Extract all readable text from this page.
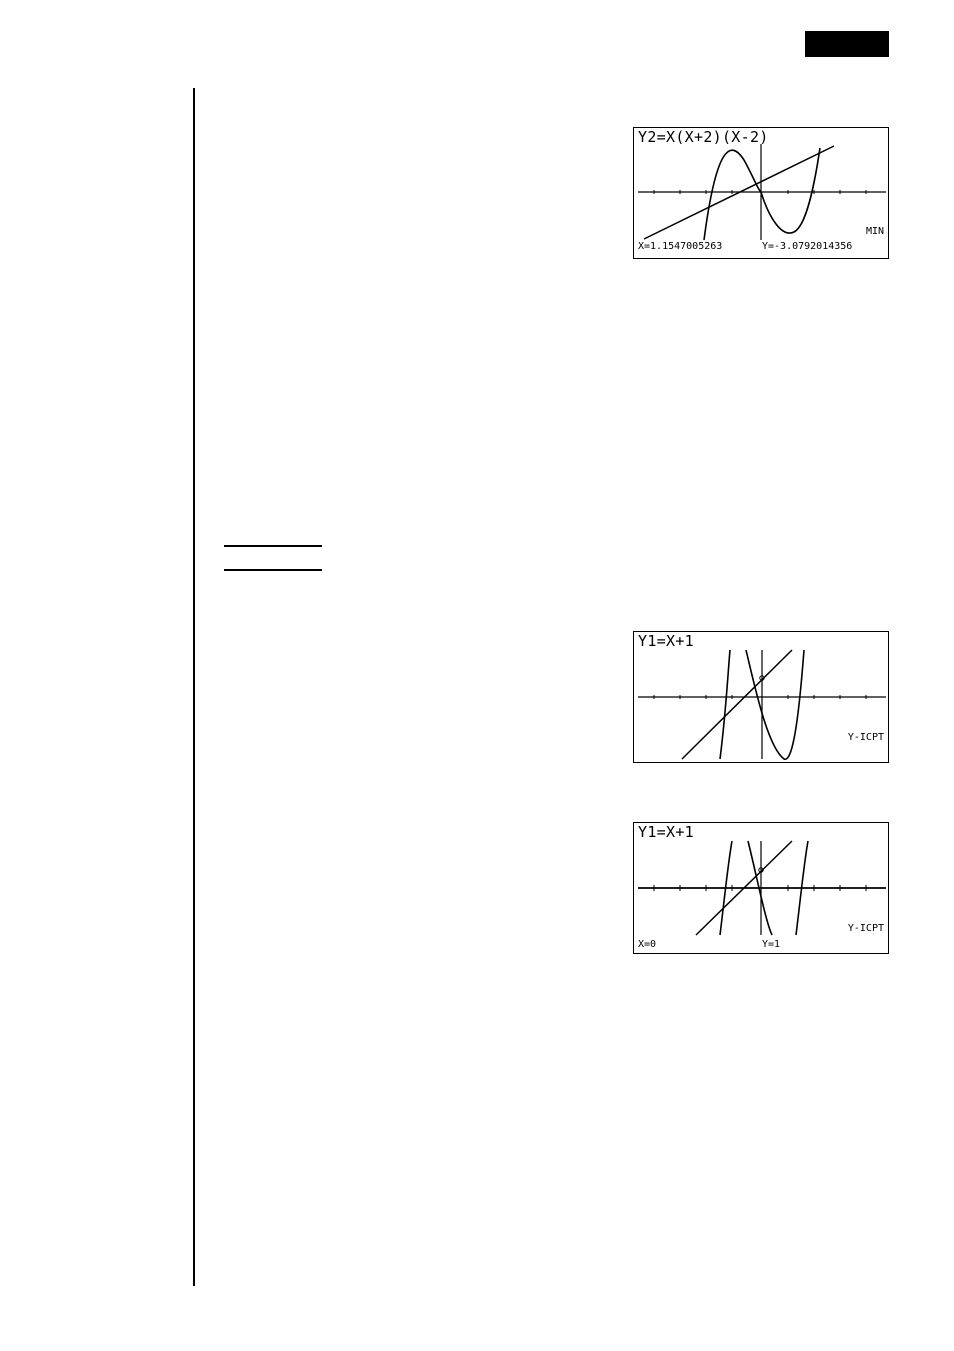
Y2=X(X+2)(X-2)
MIN
X=1.1547005263	Y=-3.0792014356
Y1=X+1
Y-ICPT
Y1=X+1
Y-ICPT
X=0	Y=1
